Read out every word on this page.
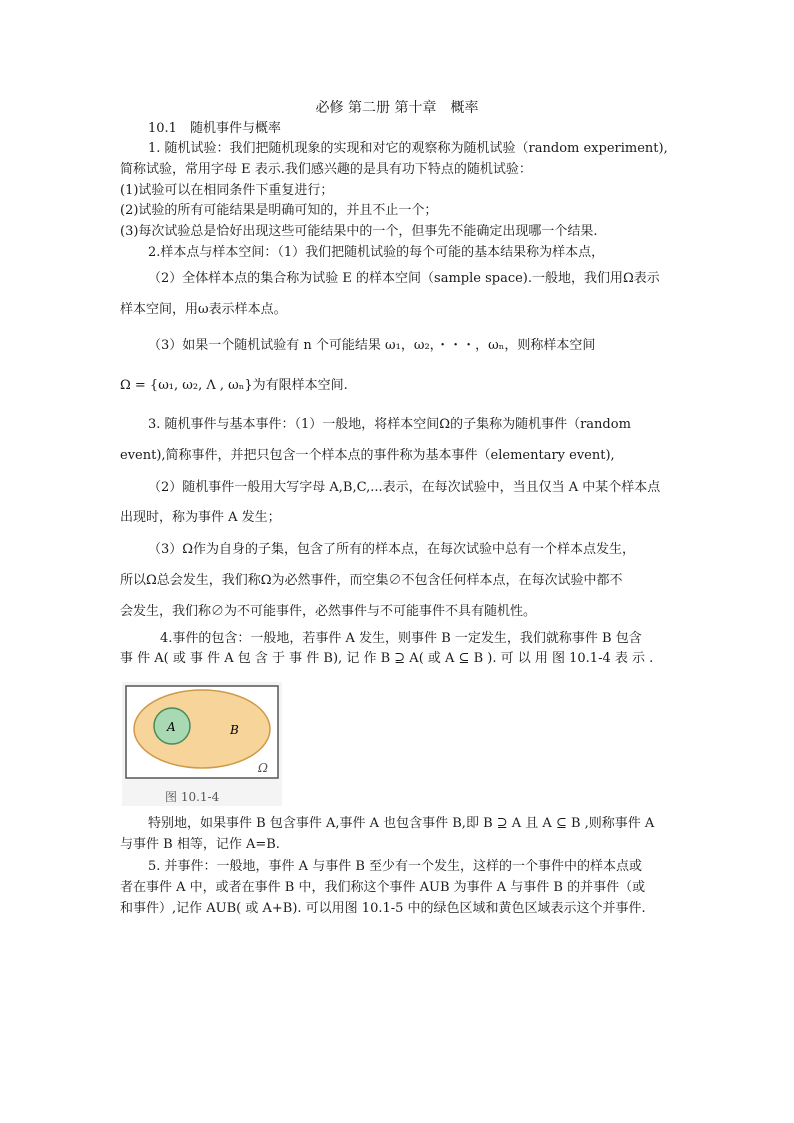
必修 第二册 第十章　概率
10.1　随机事件与概率
1. 随机试验：我们把随机现象的实现和对它的观察称为随机试验（random experiment),
简称试验，常用字母 E 表示.我们感兴趣的是具有功下特点的随机试验：
(1)试验可以在相同条件下重复进行；
(2)试验的所有可能结果是明确可知的，并且不止一个；
(3)每次试验总是恰好出现这些可能结果中的一个，但事先不能确定出现哪一个结果.
2.样本点与样本空间：（1）我们把随机试验的每个可能的基本结果称为样本点，
（2）全体样本点的集合称为试验 E 的样本空间（sample space).一般地，我们用Ω表示
样本空间，用ω表示样本点。
（3）如果一个随机试验有 n 个可能结果 ω₁，ω₂，・・・，ωₙ，则称样本空间
Ω = {ω₁, ω₂, Λ , ωₙ}为有限样本空间.
3. 随机事件与基本事件：（1）一般地，将样本空间Ω的子集称为随机事件（random
event),简称事件，并把只包含一个样本点的事件称为基本事件（elementary event),
（2）随机事件一般用大写字母 A,B,C,...表示，在每次试验中，当且仅当 A 中某个样本点
出现时，称为事件 A 发生；
（3）Ω作为自身的子集，包含了所有的样本点，在每次试验中总有一个样本点发生，
所以Ω总会发生，我们称Ω为必然事件，而空集∅不包含任何样本点，在每次试验中都不
会发生，我们称∅为不可能事件，必然事件与不可能事件不具有随机性。
4.事件的包含：一般地，若事件 A 发生，则事件 B 一定发生，我们就称事件 B 包含
事 件 A( 或 事 件 A 包 含 于 事 件 B), 记 作 B ⊇ A( 或 A ⊆ B ). 可 以 用 图 10.1-4 表 示 .
A	B
Ω
图 10.1-4
特别地，如果事件 B 包含事件 A,事件 A 也包含事件 B,即 B ⊇ A 且 A ⊆ B ,则称事件 A
与事件 B 相等，记作 A=B.
5. 并事件：一般地，事件 A 与事件 B 至少有一个发生，这样的一个事件中的样本点或
者在事件 A 中，或者在事件 B 中，我们称这个事件 AUB 为事件 A 与事件 B 的并事件（或
和事件）,记作 AUB( 或 A+B). 可以用图 10.1-5 中的绿色区域和黄色区域表示这个并事件.
